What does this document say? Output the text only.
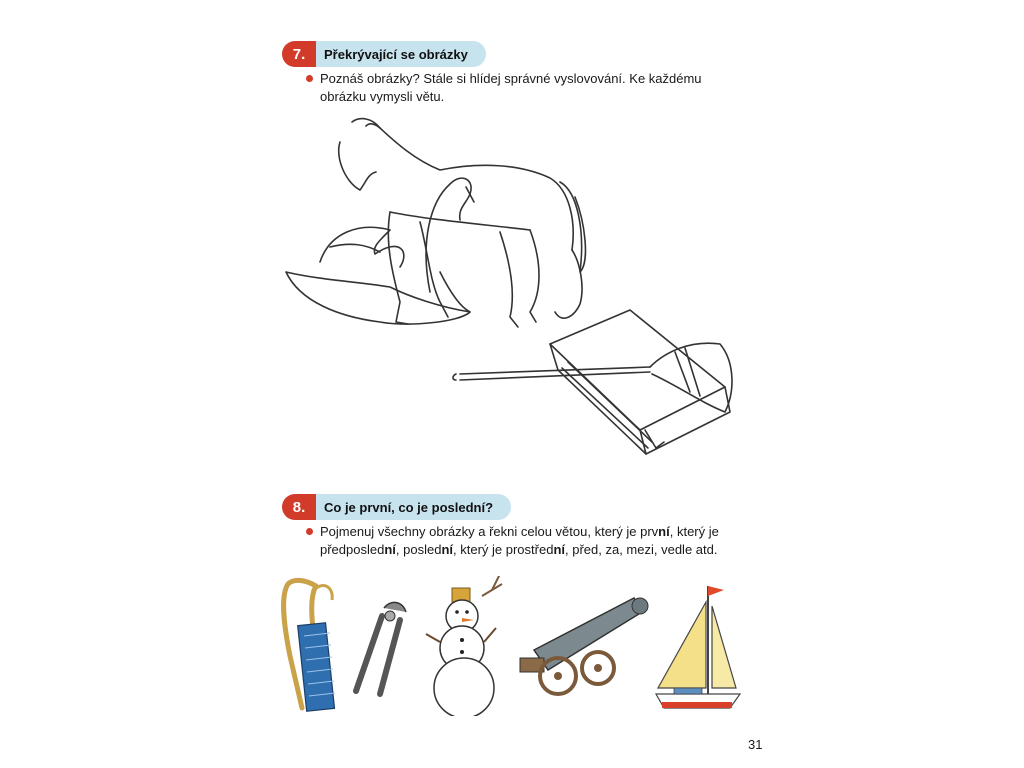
7.	Překrývající se obrázky
Poznáš obrázky? Stále si hlídej správné vyslovování. Ke každému obrázku vymysli větu.
8.	Co je první, co je poslední?
Pojmenuj všechny obrázky a řekni celou větou, který je první, který je předposlední, poslední, který je prostřední, před, za, mezi, vedle atd.
31
